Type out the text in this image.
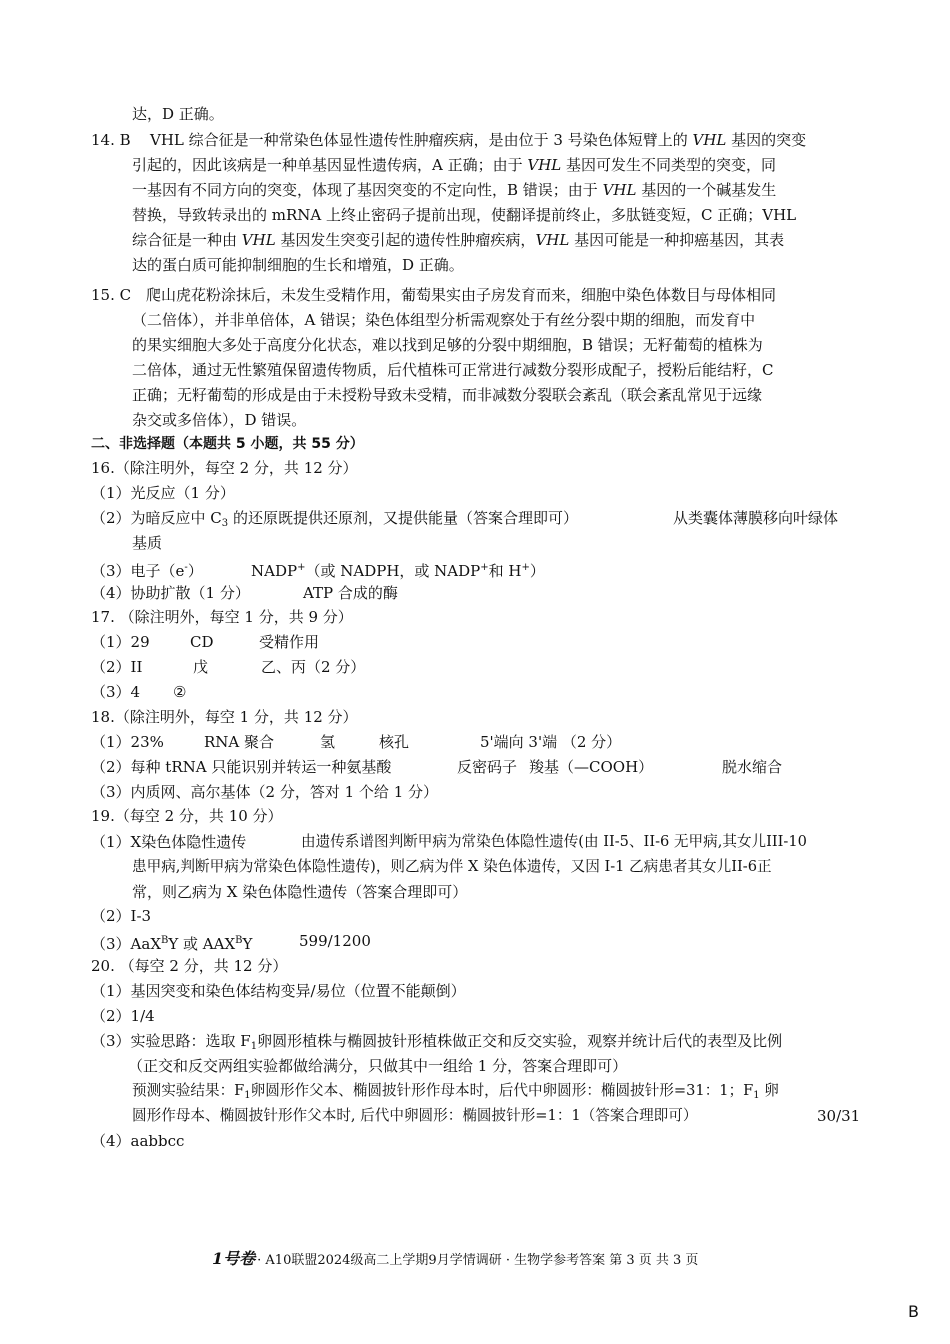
达，D 正确。
14. B VHL 综合征是一种常染色体显性遗传性肿瘤疾病，是由位于 3 号染色体短臂上的 VHL 基因的突变
引起的，因此该病是一种单基因显性遗传病，A 正确；由于 VHL 基因可发生不同类型的突变，同
一基因有不同方向的突变，体现了基因突变的不定向性，B 错误；由于 VHL 基因的一个碱基发生
替换，导致转录出的 mRNA 上终止密码子提前出现，使翻译提前终止，多肽链变短，C 正确；VHL
综合征是一种由 VHL 基因发生突变引起的遗传性肿瘤疾病，VHL 基因可能是一种抑癌基因，其表
达的蛋白质可能抑制细胞的生长和增殖，D 正确。
15. C 爬山虎花粉涂抹后，未发生受精作用，葡萄果实由子房发育而来，细胞中染色体数目与母体相同
（二倍体），并非单倍体，A 错误；染色体组型分析需观察处于有丝分裂中期的细胞，而发育中
的果实细胞大多处于高度分化状态，难以找到足够的分裂中期细胞，B 错误；无籽葡萄的植株为
二倍体，通过无性繁殖保留遗传物质，后代植株可正常进行减数分裂形成配子，授粉后能结籽，C
正确；无籽葡萄的形成是由于未授粉导致未受精，而非减数分裂联会紊乱（联会紊乱常见于远缘
杂交或多倍体），D 错误。
二、非选择题（本题共 5 小题，共 55 分）
16.（除注明外，每空 2 分，共 12 分）
（1）光反应（1 分）
（2）为暗反应中 $C_3$ 的还原既提供还原剂，又提供能量（答案合理即可）	从类囊体薄膜移向叶绿体
基质
（3）电子（e-）	NADP+（或 NADPH，或 NADP+和 H+）
（4）协助扩散（1 分）	ATP 合成的酶
17. （除注明外，每空 1 分，共 9 分）
（1）29	CD	受精作用
（2）II	戊	乙、丙（2 分）
（3）4 ②
18.（除注明外，每空 1 分，共 12 分）
（1）23%	RNA 聚合	氢	核孔	5'端向 3'端 （2 分）
（2）每种 tRNA 只能识别并转运一种氨基酸	反密码子 羧基（—COOH）	脱水缩合
（3）内质网、高尔基体（2 分，答对 1 个给 1 分）
19.（每空 2 分，共 10 分）
（1）X染色体隐性遗传	由遗传系谱图判断甲病为常染色体隐性遗传(由 II-5、II-6 无甲病,其女儿III-10
患甲病,判断甲病为常染色体隐性遗传)，则乙病为伴 X 染色体遗传，又因 I-1 乙病患者其女儿II-6正
常，则乙病为 X 染色体隐性遗传（答案合理即可）
（2）I-3
（3）AaX$^B$Y 或 $AAX^BY$	599/1200
20. （每空 2 分，共 12 分）
（1）基因突变和染色体结构变异/易位（位置不能颠倒）
（2）1/4
（3）实验思路：选取 $F_1$卵圆形植株与椭圆披针形植株做正交和反交实验，观察并统计后代的表型及比例
（正交和反交两组实验都做给满分，只做其中一组给 1 分，答案合理即可）
预测实验结果：$F_1$卵圆形作父本、椭圆披针形作母本时，后代中卵圆形：椭圆披针形=31：1；$F_1$ 卵
圆形作母本、椭圆披针形作父本时, 后代中卵圆形：椭圆披针形=1：1（答案合理即可）	30/31
（4）aabbcc
1号卷 · A10联盟2024级高二上学期9月学情调研 · 生物学参考答案 第 3 页 共 3 页
B
